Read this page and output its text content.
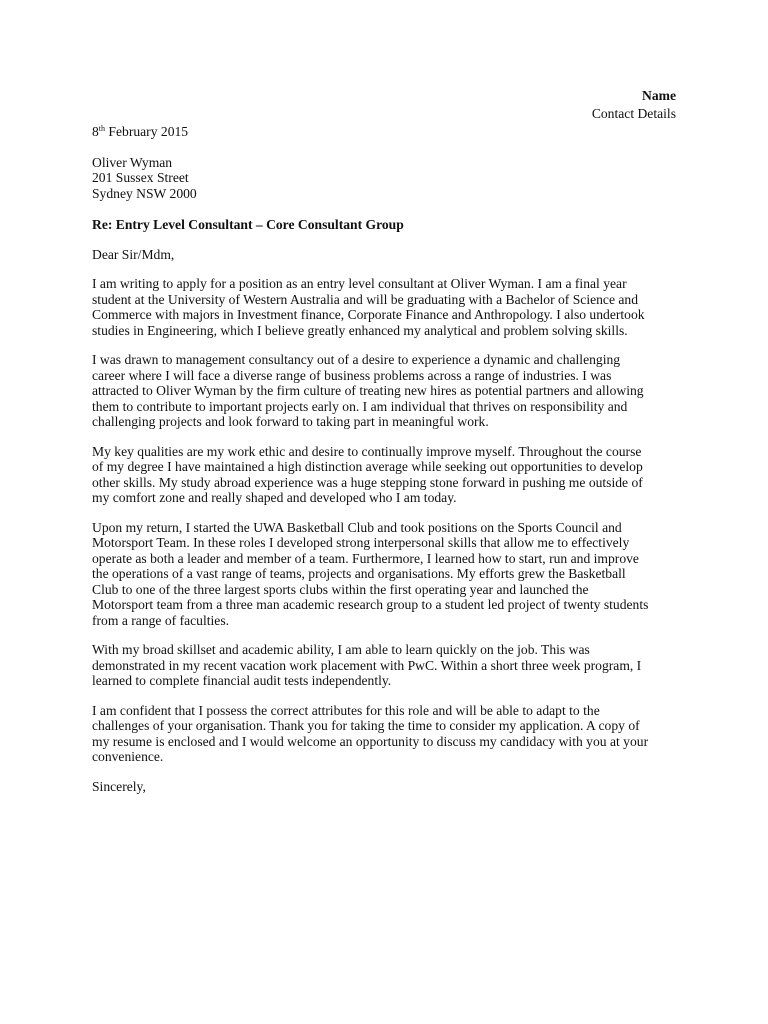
Name
Contact Details
8th February 2015
Oliver Wyman
201 Sussex Street
Sydney NSW 2000
Re: Entry Level Consultant – Core Consultant Group
Dear Sir/Mdm,

I am writing to apply for a position as an entry level consultant at Oliver Wyman. I am a final year
student at the University of Western Australia and will be graduating with a Bachelor of Science and
Commerce with majors in Investment finance, Corporate Finance and Anthropology. I also undertook
studies in Engineering, which I believe greatly enhanced my analytical and problem solving skills.

I was drawn to management consultancy out of a desire to experience a dynamic and challenging
career where I will face a diverse range of business problems across a range of industries. I was
attracted to Oliver Wyman by the firm culture of treating new hires as potential partners and allowing
them to contribute to important projects early on. I am individual that thrives on responsibility and
challenging projects and look forward to taking part in meaningful work.

My key qualities are my work ethic and desire to continually improve myself. Throughout the course
of my degree I have maintained a high distinction average while seeking out opportunities to develop
other skills. My study abroad experience was a huge stepping stone forward in pushing me outside of
my comfort zone and really shaped and developed who I am today.

Upon my return, I started the UWA Basketball Club and took positions on the Sports Council and
Motorsport Team. In these roles I developed strong interpersonal skills that allow me to effectively
operate as both a leader and member of a team. Furthermore, I learned how to start, run and improve
the operations of a vast range of teams, projects and organisations. My efforts grew the Basketball
Club to one of the three largest sports clubs within the first operating year and launched the
Motorsport team from a three man academic research group to a student led project of twenty students
from a range of faculties.

With my broad skillset and academic ability, I am able to learn quickly on the job. This was
demonstrated in my recent vacation work placement with PwC. Within a short three week program, I
learned to complete financial audit tests independently.

I am confident that I possess the correct attributes for this role and will be able to adapt to the
challenges of your organisation. Thank you for taking the time to consider my application. A copy of
my resume is enclosed and I would welcome an opportunity to discuss my candidacy with you at your
convenience.

Sincerely,
